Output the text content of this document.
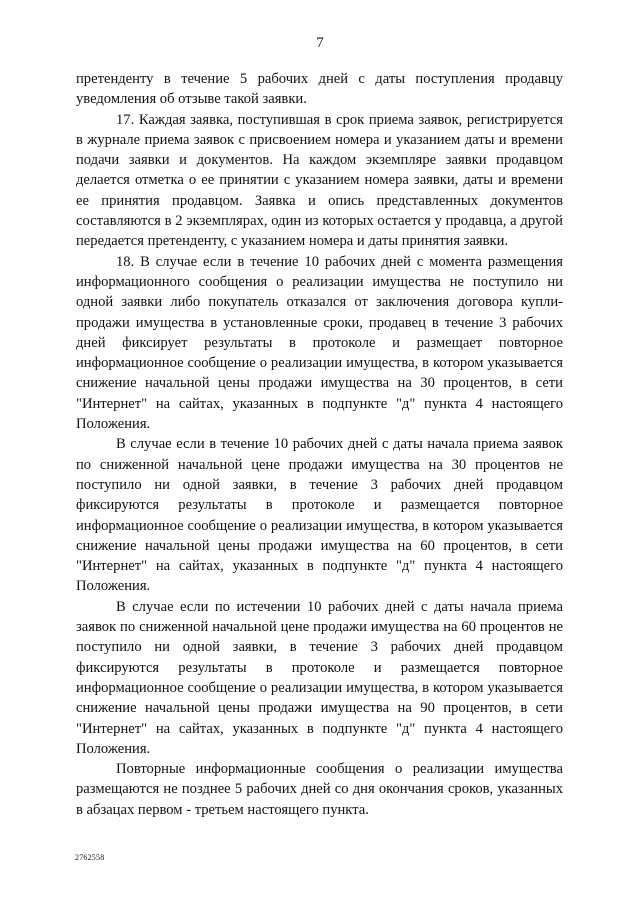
7

претенденту в течение 5 рабочих дней с даты поступления продавцу уведомления об отзыве такой заявки.

17. Каждая заявка, поступившая в срок приема заявок, регистрируется в журнале приема заявок с присвоением номера и указанием даты и времени подачи заявки и документов. На каждом экземпляре заявки продавцом делается отметка о ее принятии с указанием номера заявки, даты и времени ее принятия продавцом. Заявка и опись представленных документов составляются в 2 экземплярах, один из которых остается у продавца, а другой передается претенденту, с указанием номера и даты принятия заявки.

18. В случае если в течение 10 рабочих дней с момента размещения информационного сообщения о реализации имущества не поступило ни одной заявки либо покупатель отказался от заключения договора купли-продажи имущества в установленные сроки, продавец в течение 3 рабочих дней фиксирует результаты в протоколе и размещает повторное информационное сообщение о реализации имущества, в котором указывается снижение начальной цены продажи имущества на 30 процентов, в сети "Интернет" на сайтах, указанных в подпункте "д" пункта 4 настоящего Положения.

В случае если в течение 10 рабочих дней с даты начала приема заявок по сниженной начальной цене продажи имущества на 30 процентов не поступило ни одной заявки, в течение 3 рабочих дней продавцом фиксируются результаты в протоколе и размещается повторное информационное сообщение о реализации имущества, в котором указывается снижение начальной цены продажи имущества на 60 процентов, в сети "Интернет" на сайтах, указанных в подпункте "д" пункта 4 настоящего Положения.

В случае если по истечении 10 рабочих дней с даты начала приема заявок по сниженной начальной цене продажи имущества на 60 процентов не поступило ни одной заявки, в течение 3 рабочих дней продавцом фиксируются результаты в протоколе и размещается повторное информационное сообщение о реализации имущества, в котором указывается снижение начальной цены продажи имущества на 90 процентов, в сети "Интернет" на сайтах, указанных в подпункте "д" пункта 4 настоящего Положения.

Повторные информационные сообщения о реализации имущества размещаются не позднее 5 рабочих дней со дня окончания сроков, указанных в абзацах первом - третьем настоящего пункта.

2762558
